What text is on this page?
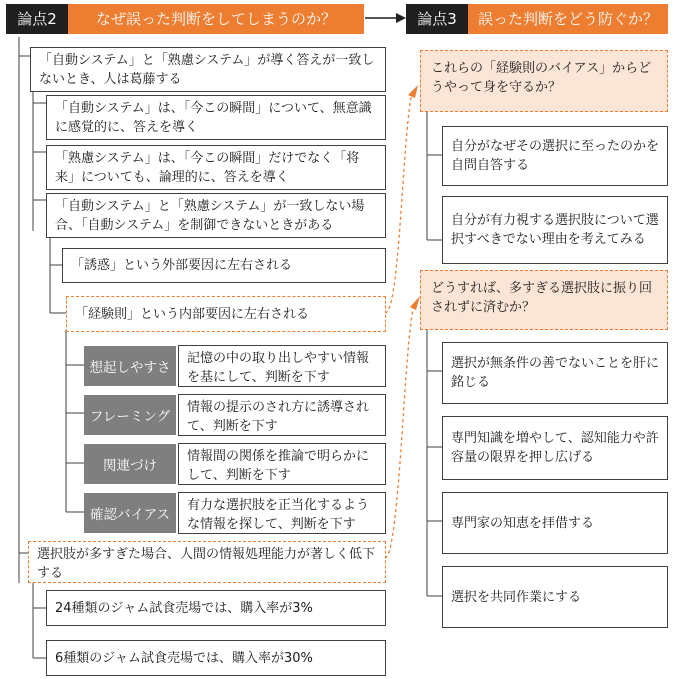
論点2	なぜ誤った判断をしてしまうのか？	論点3	誤った判断をどう防ぐか？
「自動システム」と「熟慮システム」が導く答えが一致しないとき、人は葛藤する
「自動システム」は、「今この瞬間」について、無意識に感覚的に、答えを導く
「熟慮システム」は、「今この瞬間」だけでなく「将来」についても、論理的に、答えを導く
「自動システム」と「熟慮システム」が一致しない場合、「自動システム」を制御できないときがある
「誘惑」という外部要因に左右される
「経験則」という内部要因に左右される
想起しやすさ
記憶の中の取り出しやすい情報を基にして、判断を下す
フレーミング
情報の提示のされ方に誘導されて、判断を下す
関連づけ
情報間の関係を推論で明らかにして、判断を下す
確認バイアス
有力な選択肢を正当化するような情報を探して、判断を下す
選択肢が多すぎた場合、人間の情報処理能力が著しく低下する
24種類のジャム試食売場では、購入率が3%
6種類のジャム試食売場では、購入率が30%
これらの「経験則のバイアス」からどうやって身を守るか？
自分がなぜその選択に至ったのかを自問自答する
自分が有力視する選択肢について選択すべきでない理由を考えてみる
どうすれば、多すぎる選択肢に振り回されずに済むか？
選択が無条件の善でないことを肝に銘じる
専門知識を増やして、認知能力や許容量の限界を押し広げる
専門家の知恵を拝借する
選択を共同作業にする
